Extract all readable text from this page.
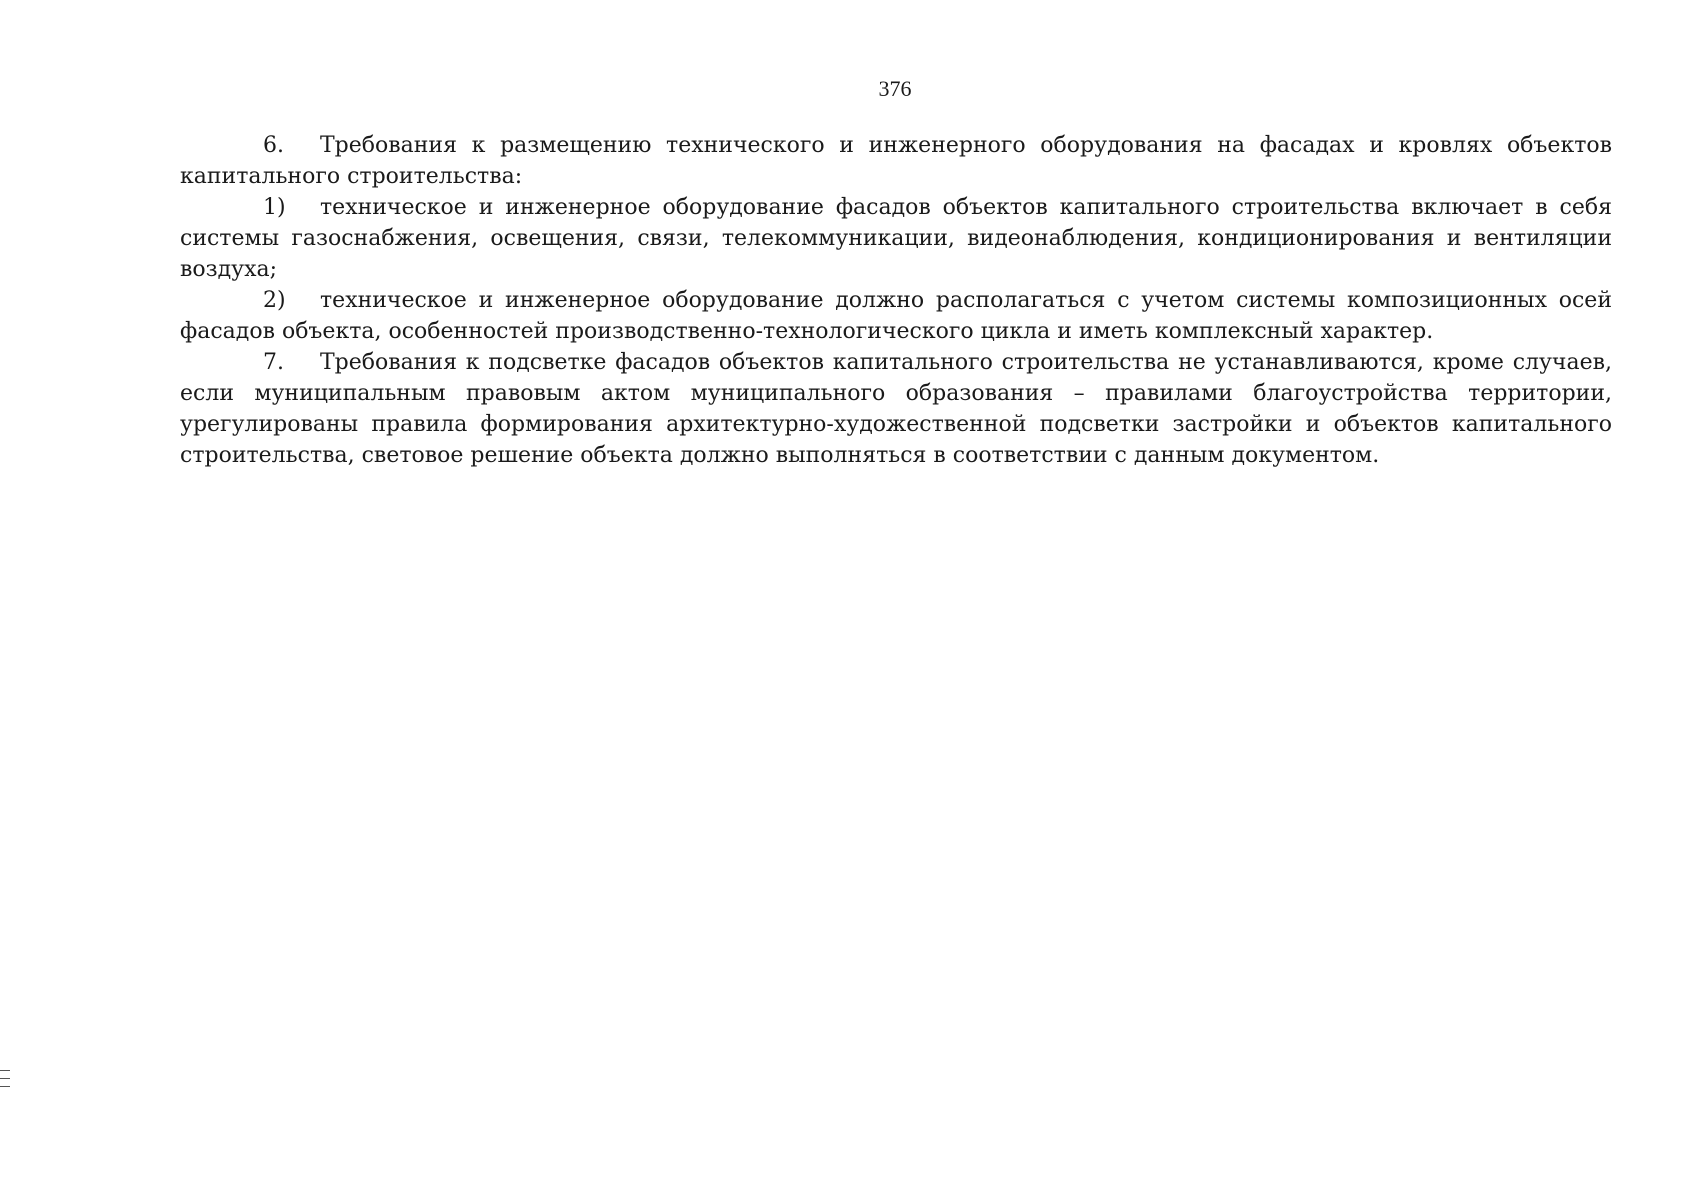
376

6. Требования к размещению технического и инженерного оборудования на фасадах и кровлях объектов капитального строительства:

1) техническое и инженерное оборудование фасадов объектов капитального строительства включает в себя системы газоснабжения, освещения, связи, телекоммуникации, видеонаблюдения, кондиционирования и вентиляции воздуха;

2) техническое и инженерное оборудование должно располагаться с учетом системы композиционных осей фасадов объекта, особенностей производственно-технологического цикла и иметь комплексный характер.

7. Требования к подсветке фасадов объектов капитального строительства не устанавливаются, кроме случаев, если муниципальным правовым актом муниципального образования – правилами благоустройства территории, урегулированы правила формирования архитектурно-художественной подсветки застройки и объектов капитального строительства, световое решение объекта должно выполняться в соответствии с данным документом.
